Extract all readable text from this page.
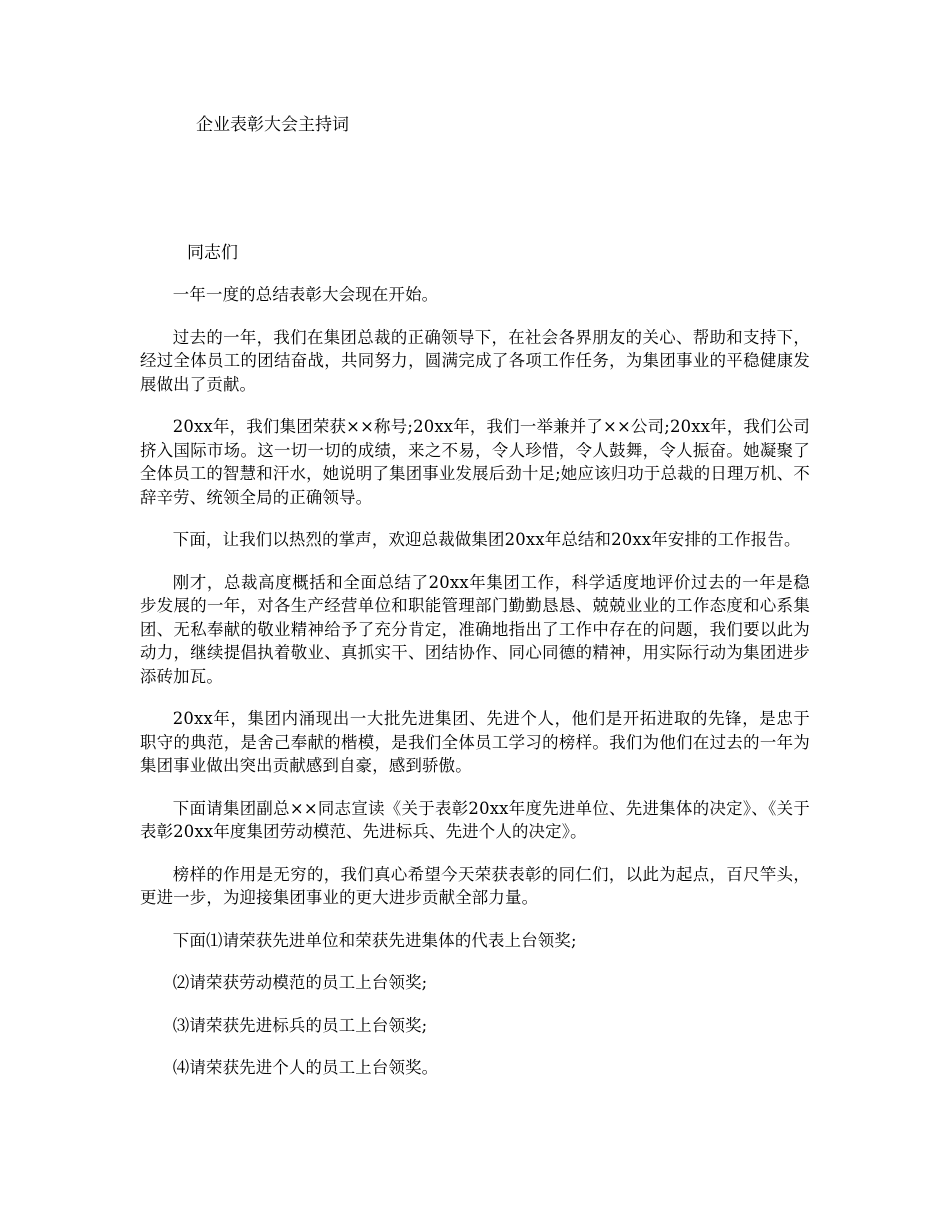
企业表彰大会主持词
同志们

一年一度的总结表彰大会现在开始。

过去的一年，我们在集团总裁的正确领导下，在社会各界朋友的关心、帮助和支持下，经过全体员工的团结奋战，共同努力，圆满完成了各项工作任务，为集团事业的平稳健康发展做出了贡献。

20xx年，我们集团荣获××称号;20xx年，我们一举兼并了××公司;20xx年，我们公司挤入国际市场。这一切一切的成绩，来之不易，令人珍惜，令人鼓舞，令人振奋。她凝聚了全体员工的智慧和汗水，她说明了集团事业发展后劲十足;她应该归功于总裁的日理万机、不辞辛劳、统领全局的正确领导。

下面，让我们以热烈的掌声，欢迎总裁做集团20xx年总结和20xx年安排的工作报告。

刚才，总裁高度概括和全面总结了20xx年集团工作，科学适度地评价过去的一年是稳步发展的一年，对各生产经营单位和职能管理部门勤勤恳恳、兢兢业业的工作态度和心系集团、无私奉献的敬业精神给予了充分肯定，准确地指出了工作中存在的问题，我们要以此为动力，继续提倡执着敬业、真抓实干、团结协作、同心同德的精神，用实际行动为集团进步添砖加瓦。

20xx年，集团内涌现出一大批先进集团、先进个人，他们是开拓进取的先锋，是忠于职守的典范，是舍己奉献的楷模，是我们全体员工学习的榜样。我们为他们在过去的一年为集团事业做出突出贡献感到自豪，感到骄傲。

下面请集团副总××同志宣读《关于表彰20xx年度先进单位、先进集体的决定》、《关于表彰20xx年度集团劳动模范、先进标兵、先进个人的决定》。

榜样的作用是无穷的，我们真心希望今天荣获表彰的同仁们，以此为起点，百尺竿头，更进一步，为迎接集团事业的更大进步贡献全部力量。

下面⑴请荣获先进单位和荣获先进集体的代表上台领奖;

⑵请荣获劳动模范的员工上台领奖;

⑶请荣获先进标兵的员工上台领奖;

⑷请荣获先进个人的员工上台领奖。
